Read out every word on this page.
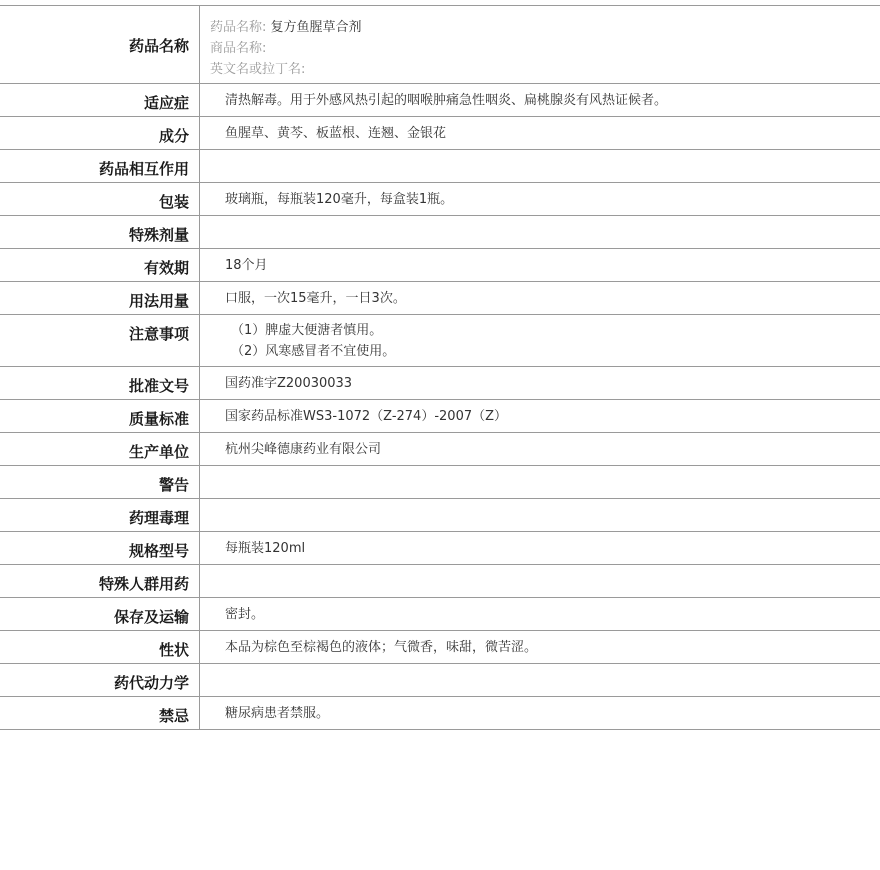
药品名称
药品名称: 复方鱼腥草合剂
商品名称:
英文名或拉丁名:
适应症	清热解毒。用于外感风热引起的咽喉肿痛急性咽炎、扁桃腺炎有风热证候者。
成分	鱼腥草、黄芩、板蓝根、连翘、金银花
药品相互作用
包装	玻璃瓶，每瓶装120毫升，每盒装1瓶。
特殊剂量
有效期	18个月
用法用量	口服，一次15毫升，一日3次。
注意事项	（1）脾虚大便溏者慎用。
（2）风寒感冒者不宜使用。
批准文号	国药准字Z20030033
质量标准	国家药品标准WS3-1072（Z-274）-2007（Z）
生产单位	杭州尖峰德康药业有限公司
警告
药理毒理
规格型号	每瓶装120ml
特殊人群用药
保存及运输	密封。
性状	本品为棕色至棕褐色的液体；气微香，味甜，微苦涩。
药代动力学
禁忌	糖尿病患者禁服。
